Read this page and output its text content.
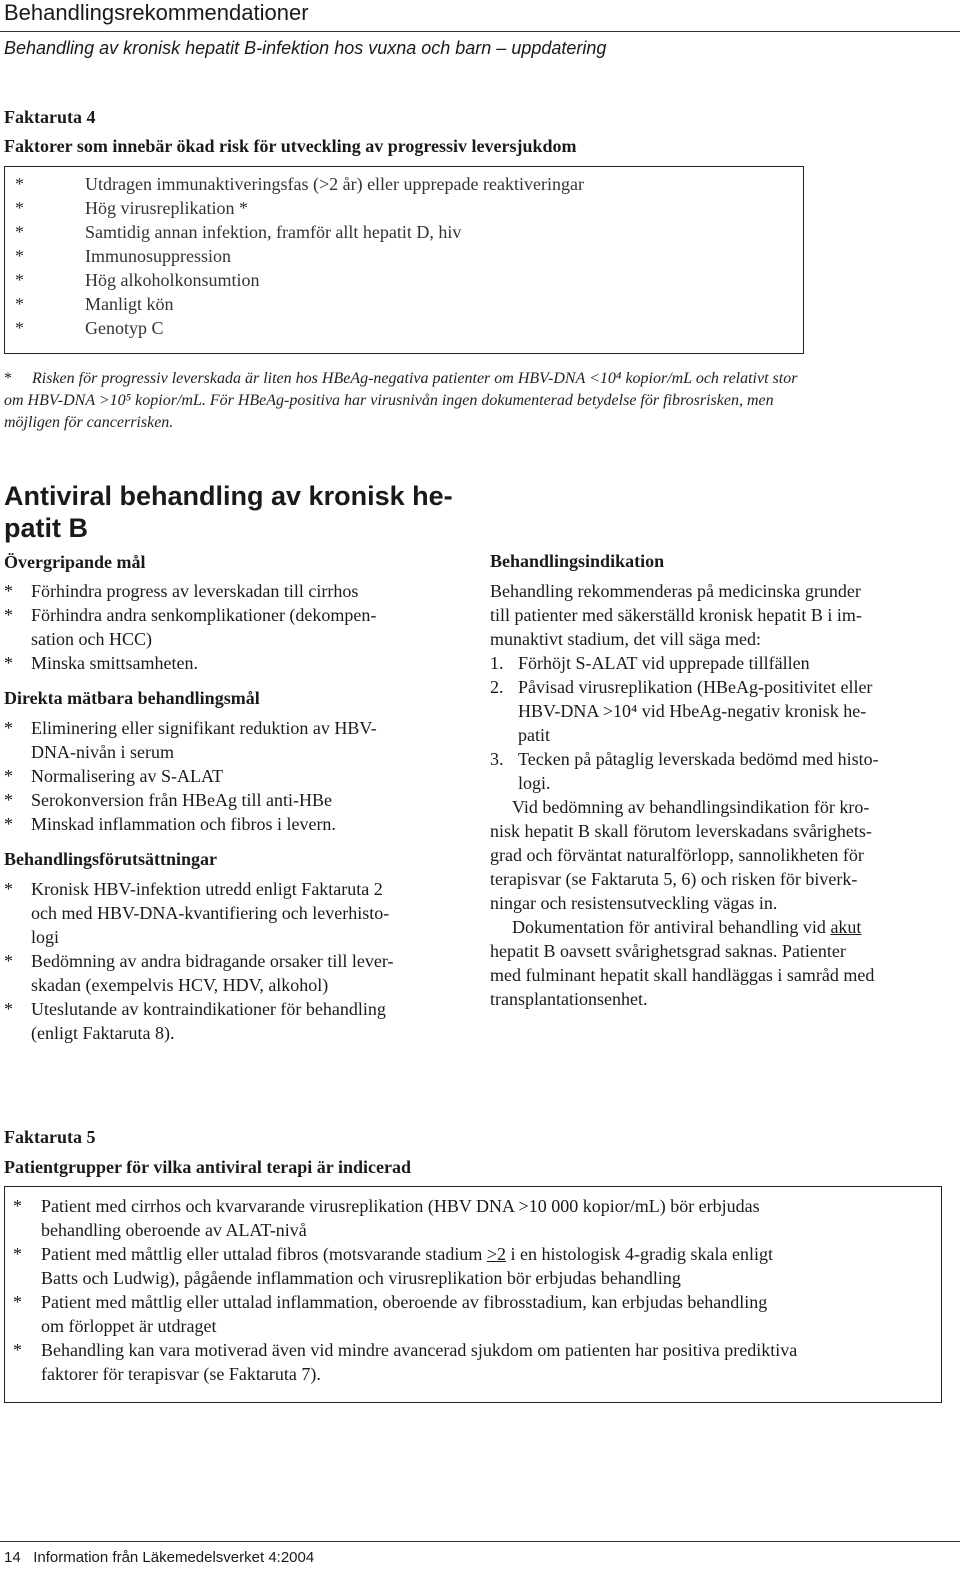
Behandlingsrekommendationer
Behandling av kronisk hepatit B-infektion hos vuxna och barn – uppdatering
Faktaruta 4
Faktorer som innebär ökad risk för utveckling av progressiv leversjukdom
*	Utdragen immunaktiveringsfas (>2 år) eller upprepade reaktiveringar
*	Hög virusreplikation *
*	Samtidig annan infektion, framför allt hepatit D, hiv
*	Immunosuppression
*	Hög alkoholkonsumtion
*	Manligt kön
*	Genotyp C
* Risken för progressiv leverskada är liten hos HBeAg-negativa patienter om HBV-DNA <10⁴ kopior/mL och relativt stor
om HBV-DNA >10⁵ kopior/mL. För HBeAg-positiva har virusnivån ingen dokumenterad betydelse för fibrosrisken, men
möjligen för cancerrisken.
Antiviral behandling av kronisk he-
patit B
Övergripande mål
* Förhindra progress av leverskadan till cirrhos
* Förhindra andra senkomplikationer (dekompen-
sation och HCC)
* Minska smittsamheten.
Direkta mätbara behandlingsmål
* Eliminering eller signifikant reduktion av HBV-
DNA-nivån i serum
* Normalisering av S-ALAT
* Serokonversion från HBeAg till anti-HBe
* Minskad inflammation och fibros i levern.
Behandlingsförutsättningar
* Kronisk HBV-infektion utredd enligt Faktaruta 2
och med HBV-DNA-kvantifiering och leverhisto-
logi
* Bedömning av andra bidragande orsaker till lever-
skadan (exempelvis HCV, HDV, alkohol)
* Uteslutande av kontraindikationer för behandling
(enligt Faktaruta 8).
Behandlingsindikation
Behandling rekommenderas på medicinska grunder
till patienter med säkerställd kronisk hepatit B i im-
munaktivt stadium, det vill säga med:
1. Förhöjt S-ALAT vid upprepade tillfällen
2. Påvisad virusreplikation (HBeAg-positivitet eller
HBV-DNA >10⁴ vid HbeAg-negativ kronisk he-
patit
3. Tecken på påtaglig leverskada bedömd med histo-
logi.
Vid bedömning av behandlingsindikation för kro-
nisk hepatit B skall förutom leverskadans svårighets-
grad och förväntat naturalförlopp, sannolikheten för
terapisvar (se Faktaruta 5, 6) och risken för biverk-
ningar och resistensutveckling vägas in.
Dokumentation för antiviral behandling vid akut
hepatit B oavsett svårighetsgrad saknas. Patienter
med fulminant hepatit skall handläggas i samråd med
transplantationsenhet.
Faktaruta 5
Patientgrupper för vilka antiviral terapi är indicerad
* Patient med cirrhos och kvarvarande virusreplikation (HBV DNA >10 000 kopior/mL) bör erbjudas
behandling oberoende av ALAT-nivå
* Patient med måttlig eller uttalad fibros (motsvarande stadium >2 i en histologisk 4-gradig skala enligt
Batts och Ludwig), pågående inflammation och virusreplikation bör erbjudas behandling
* Patient med måttlig eller uttalad inflammation, oberoende av fibrosstadium, kan erbjudas behandling
om förloppet är utdraget
* Behandling kan vara motiverad även vid mindre avancerad sjukdom om patienten har positiva prediktiva
faktorer för terapisvar (se Faktaruta 7).
14 Information från Läkemedelsverket 4:2004
